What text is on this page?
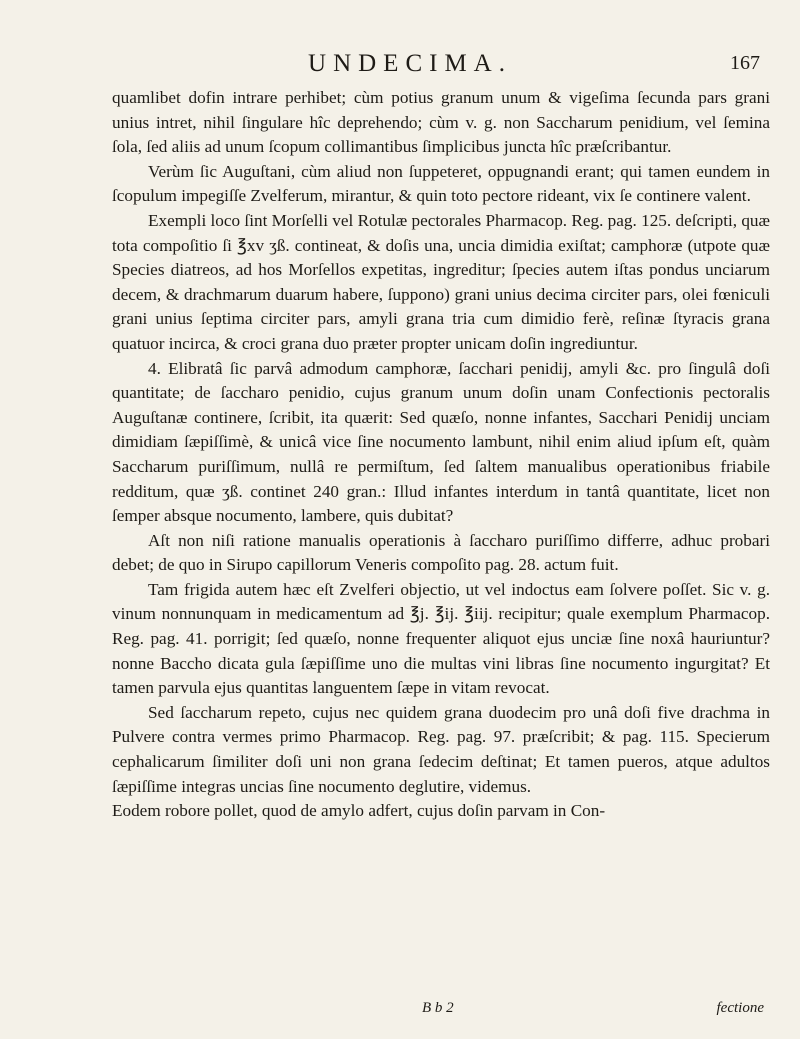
UNDECIMA.	167

quamlibet dofin intrare perhibet; cùm potius granum unum & vigeſima ſecunda pars grani unius intret, nihil ſingulare hîc deprehendo; cùm v. g. non Saccharum penidium, vel ſemina ſola, ſed aliis ad unum ſcopum collimantibus ſimplicibus juncta hîc præſcribantur.

Verùm ſic Auguſtani, cùm aliud non ſuppeteret, oppugnandi erant; qui tamen eundem in ſcopulum impegiſſe Zvelferum, mirantur, & quin toto pectore rideant, vix ſe continere valent.

Exempli loco ſint Morſelli vel Rotulæ pectorales Pharmacop. Reg. pag. 125. deſcripti, quæ tota compoſitio ſi ℥xv ʒß. contineat, & doſis una, uncia dimidia exiſtat; camphoræ (utpote quæ Species diatreos, ad hos Morſellos expetitas, ingreditur; ſpecies autem iſtas pondus unciarum decem, & drachmarum duarum habere, ſuppono) grani unius decima circiter pars, olei fœniculi grani unius ſeptima circiter pars, amyli grana tria cum dimidio ferè, reſinæ ſtyracis grana quatuor incirca, & croci grana duo præter propter unicam doſin ingrediuntur.

4. Elibratâ ſic parvâ admodum camphoræ, ſacchari penidij, amyli &c. pro ſingulâ doſi quantitate; de ſaccharo penidio, cujus granum unum doſin unam Confectionis pectoralis Auguſtanæ continere, ſcribit, ita quærit: Sed quæſo, nonne infantes, Sacchari Penidij unciam dimidiam ſæpiſſimè, & unicâ vice ſine nocumento lambunt, nihil enim aliud ipſum eſt, quàm Saccharum puriſſimum, nullâ re permiſtum, ſed ſaltem manualibus operationibus friabile redditum, quæ ʒß. continet 240 gran.: Illud infantes interdum in tantâ quantitate, licet non ſemper absque nocumento, lambere, quis dubitat?

Aſt non niſi ratione manualis operationis à ſaccharo puriſſimo differre, adhuc probari debet; de quo in Sirupo capillorum Veneris compoſito pag. 28. actum fuit.

Tam frigida autem hæc eſt Zvelferi objectio, ut vel indoctus eam ſolvere poſſet. Sic v. g. vinum nonnunquam in medicamentum ad ℥j. ℥ij. ℥iij. recipitur; quale exemplum Pharmacop. Reg. pag. 41. porrigit; ſed quæſo, nonne frequenter aliquot ejus unciæ ſine noxâ hauriuntur? nonne Baccho dicata gula ſæpiſſime uno die multas vini libras ſine nocumento ingurgitat? Et tamen parvula ejus quantitas languentem ſæpe in vitam revocat.

Sed ſaccharum repeto, cujus nec quidem grana duodecim pro unâ doſi five drachma in Pulvere contra vermes primo Pharmacop. Reg. pag. 97. præſcribit; & pag. 115. Specierum cephalicarum ſimiliter doſi uni non grana ſedecim deſtinat; Et tamen pueros, atque adultos ſæpiſſime integras uncias ſine nocumento deglutire, videmus.

Eodem robore pollet, quod de amylo adfert, cujus doſin parvam in Con-

B b 2	fectione
